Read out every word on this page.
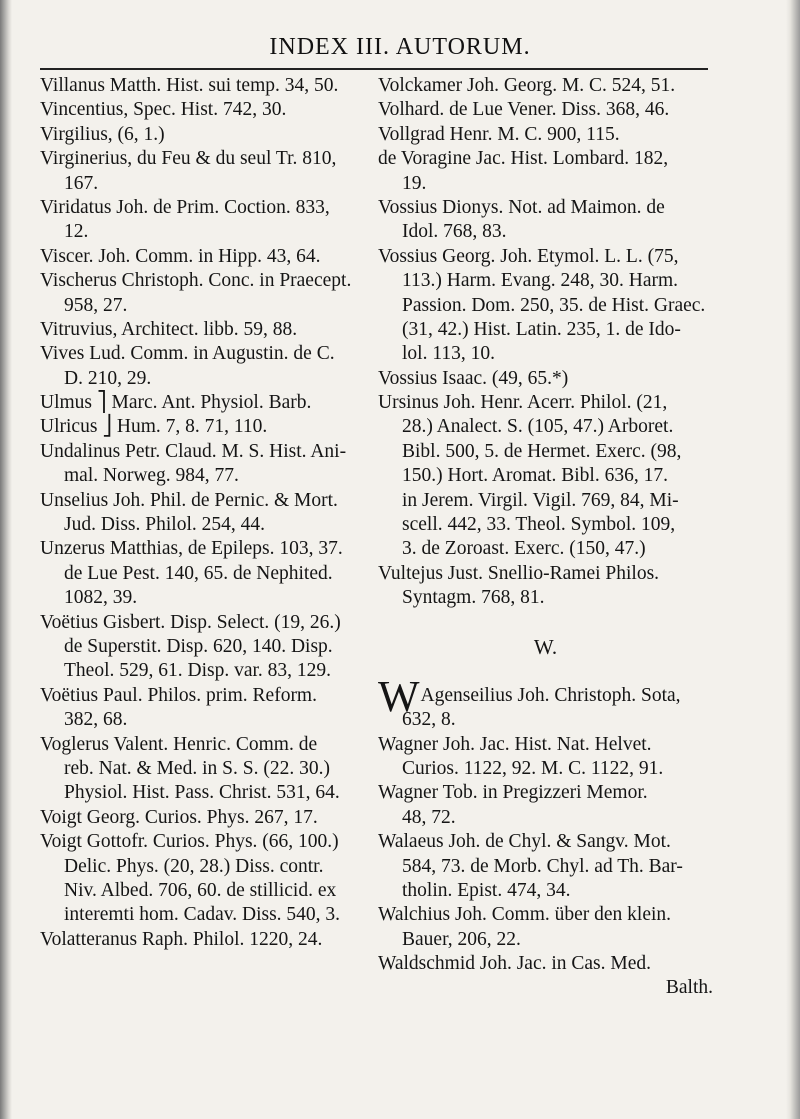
INDEX III. AUTORUM.
Villanus Matth. Hist. sui temp. 34, 50.
Vincentius, Spec. Hist. 742, 30.
Virgilius, (6, 1.)
Virginerius, du Feu & du seul Tr. 810,
167.
Viridatus Joh. de Prim. Coction. 833,
12.
Viscer. Joh. Comm. in Hipp. 43, 64.
Vischerus Christoph. Conc. in Praecept.
958, 27.
Vitruvius, Architect. libb. 59, 88.
Vives Lud. Comm. in Augustin. de C.
D. 210, 29.
Ulmus ⎤ Marc. Ant. Physiol. Barb.
Ulricus ⎦ Hum. 7, 8. 71, 110.
Undalinus Petr. Claud. M. S. Hist. Ani-
mal. Norweg. 984, 77.
Unselius Joh. Phil. de Pernic. & Mort.
Jud. Diss. Philol. 254, 44.
Unzerus Matthias, de Epileps. 103, 37.
de Lue Pest. 140, 65. de Nephited.
1082, 39.
Voëtius Gisbert. Disp. Select. (19, 26.)
de Superstit. Disp. 620, 140. Disp.
Theol. 529, 61. Disp. var. 83, 129.
Voëtius Paul. Philos. prim. Reform.
382, 68.
Voglerus Valent. Henric. Comm. de
reb. Nat. & Med. in S. S. (22. 30.)
Physiol. Hist. Pass. Christ. 531, 64.
Voigt Georg. Curios. Phys. 267, 17.
Voigt Gottofr. Curios. Phys. (66, 100.)
Delic. Phys. (20, 28.) Diss. contr.
Niv. Albed. 706, 60. de stillicid. ex
interemti hom. Cadav. Diss. 540, 3.
Volatteranus Raph. Philol. 1220, 24.
Volckamer Joh. Georg. M. C. 524, 51.
Volhard. de Lue Vener. Diss. 368, 46.
Vollgrad Henr. M. C. 900, 115.
de Voragine Jac. Hist. Lombard. 182,
19.
Vossius Dionys. Not. ad Maimon. de
Idol. 768, 83.
Vossius Georg. Joh. Etymol. L. L. (75,
113.) Harm. Evang. 248, 30. Harm.
Passion. Dom. 250, 35. de Hist. Graec.
(31, 42.) Hist. Latin. 235, 1. de Ido-
lol. 113, 10.
Vossius Isaac. (49, 65.*)
Ursinus Joh. Henr. Acerr. Philol. (21,
28.) Analect. S. (105, 47.) Arboret.
Bibl. 500, 5. de Hermet. Exerc. (98,
150.) Hort. Aromat. Bibl. 636, 17.
in Jerem. Virgil. Vigil. 769, 84, Mi-
scell. 442, 33. Theol. Symbol. 109,
3. de Zoroast. Exerc. (150, 47.)
Vultejus Just. Snellio-Ramei Philos.
Syntagm. 768, 81.
W.
WAgenseilius Joh. Christoph. Sota,
632, 8.
Wagner Joh. Jac. Hist. Nat. Helvet.
Curios. 1122, 92. M. C. 1122, 91.
Wagner Tob. in Pregizzeri Memor.
48, 72.
Walaeus Joh. de Chyl. & Sangv. Mot.
584, 73. de Morb. Chyl. ad Th. Bar-
tholin. Epist. 474, 34.
Walchius Joh. Comm. über den klein.
Bauer, 206, 22.
Waldschmid Joh. Jac. in Cas. Med.
Balth.
